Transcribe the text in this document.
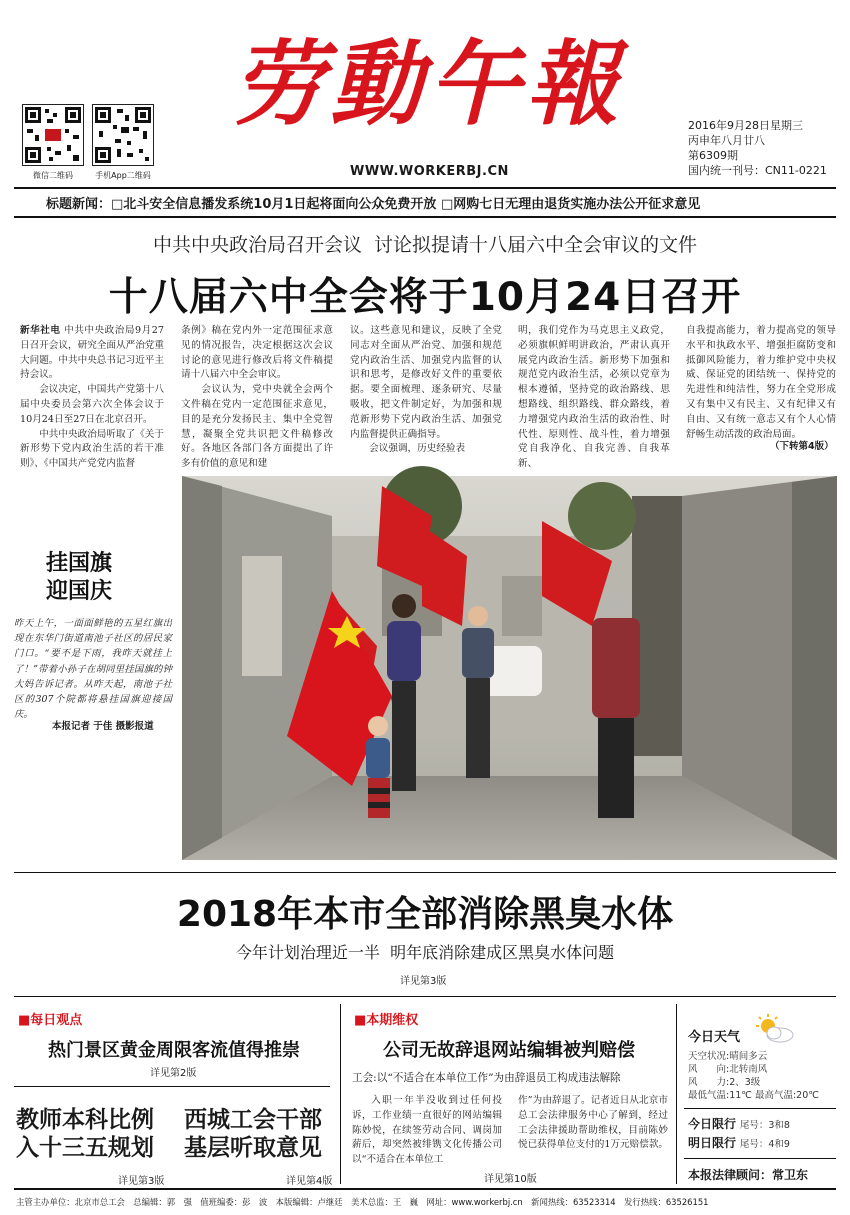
微信二维码	手机App二维码
劳動午報
WWW.WORKERBJ.CN
2016年9月28日星期三
丙申年八月廿八
第6309期
国内统一刊号：CN11-0221
标题新闻：□北斗安全信息播发系统10月1日起将面向公众免费开放 □网购七日无理由退货实施办法公开征求意见
中共中央政治局召开会议  讨论拟提请十八届六中全会审议的文件
十八届六中全会将于10月24日召开
新华社电 中共中央政治局9月27日召开会议，研究全面从严治党重大问题。中共中央总书记习近平主持会议。
　　会议决定，中国共产党第十八届中央委员会第六次全体会议于10月24日至27日在北京召开。
　　中共中央政治局听取了《关于新形势下党内政治生活的若干准则》、《中国共产党党内监督
条例》稿在党内外一定范围征求意见的情况报告，决定根据这次会议讨论的意见进行修改后将文件稿提请十八届六中全会审议。
　　会议认为，党中央就全会两个文件稿在党内一定范围征求意见，目的是充分发扬民主、集中全党智慧，凝聚全党共识把文件稿修改好。各地区各部门各方面提出了许多有价值的意见和建
议。这些意见和建议，反映了全党同志对全面从严治党、加强和规范党内政治生活、加强党内监督的认识和思考，是修改好文件的重要依据。要全面梳理、逐条研究、尽量吸收，把文件制定好，为加强和规范新形势下党内政治生活、加强党内监督提供正确指导。
　　会议强调，历史经验表
明，我们党作为马克思主义政党，必须旗帜鲜明讲政治，严肃认真开展党内政治生活。新形势下加强和规范党内政治生活，必须以党章为根本遵循，坚持党的政治路线、思想路线、组织路线、群众路线，着力增强党内政治生活的政治性、时代性、原则性、战斗性，着力增强党自我净化、自我完善、自我革新、
自我提高能力，着力提高党的领导水平和执政水平、增强拒腐防变和抵御风险能力，着力维护党中央权威、保证党的团结统一、保持党的先进性和纯洁性，努力在全党形成又有集中又有民主、又有纪律又有自由、又有统一意志又有个人心情舒畅生动活泼的政治局面。
（下转第4版）
挂国旗
迎国庆
昨天上午，一面面鲜艳的五星红旗出现在东华门街道南池子社区的居民家门口。“要不是下雨，我昨天就挂上了！”带着小孙子在胡同里挂国旗的钟大妈告诉记者。从昨天起，南池子社区的307个院都将悬挂国旗迎接国庆。
本报记者 于佳 摄影报道
2018年本市全部消除黑臭水体
今年计划治理近一半  明年底消除建成区黑臭水体问题
详见第3版
■每日观点
热门景区黄金周限客流值得推崇
详见第2版
教师本科比例
入十三五规划
详见第3版
西城工会干部
基层听取意见
详见第4版
■本期维权
公司无故辞退网站编辑被判赔偿
工会:以“不适合在本单位工作”为由辞退员工构成违法解除
入职一年半没收到过任何投诉，工作业绩一直很好的网站编辑陈妙悦，在续签劳动合同、调岗加薪后，却突然被绯镌文化传播公司以“不适合在本单位工
作”为由辞退了。记者近日从北京市总工会法律服务中心了解到，经过工会法律援助帮助维权，目前陈妙悦已获得单位支付的1万元赔偿款。
详见第10版
今日天气
天空状况:晴间多云
风　　向:北转南风
风　　力:2、3级
最低气温:11℃ 最高气温:20℃
今日限行 尾号：3和8
明日限行 尾号：4和9
本报法律顾问：常卫东
主管主办单位：北京市总工会　总编辑：郭　强　值班编委：彭　波　本版编辑：卢继廷　美术总监：王　巍　网址：www.workerbj.cn　新闻热线：63523314　发行热线：63526151
